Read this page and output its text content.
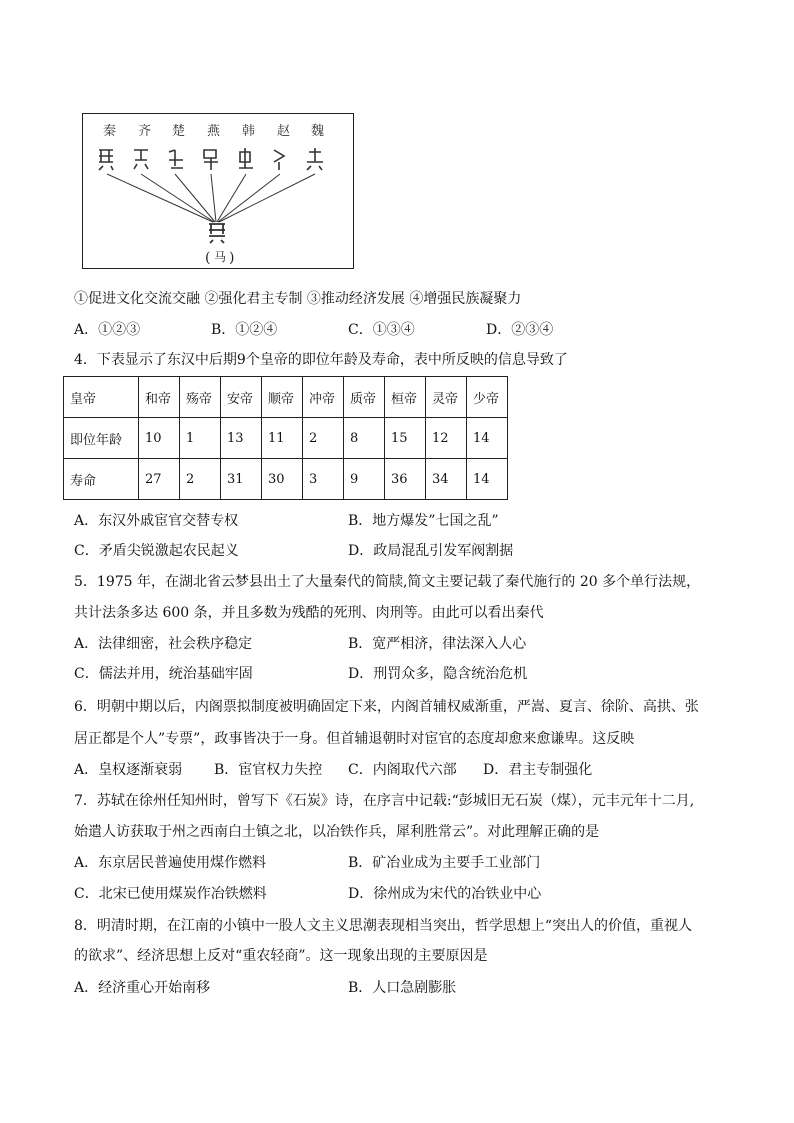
秦 齐 楚 燕 韩 赵 魏
( 马 )
①促进文化交流交融 ②强化君主专制 ③推动经济发展 ④增强民族凝聚力
A．①②③	B．①②④	C．①③④	D．②③④
4．下表显示了东汉中后期9个皇帝的即位年龄及寿命，表中所反映的信息导致了
皇帝	和帝	殇帝	安帝	顺帝	冲帝	质帝	桓帝	灵帝	少帝
即位年龄	10	1	13	11	2	8	15	12	14
寿命	27	2	31	30	3	9	36	34	14
A．东汉外戚宦官交替专权	B．地方爆发”七国之乱”
C．矛盾尖锐激起农民起义	D．政局混乱引发军阀割据
5．1975 年，在湖北省云梦县出土了大量秦代的简牍,简文主要记载了秦代施行的 20 多个单行法规，
共计法条多达 600 条，并且多数为残酷的死刑、肉刑等。由此可以看出秦代
A．法律细密，社会秩序稳定	B．宽严相济，律法深入人心
C．儒法并用，统治基础牢固	D．刑罚众多，隐含统治危机
6．明朝中期以后，内阁票拟制度被明确固定下来，内阁首辅权威渐重，严嵩、夏言、徐阶、高拱、张
居正都是个人”专票”，政事皆决于一身。但首辅退朝时对宦官的态度却愈来愈谦卑。这反映
A．皇权逐渐衰弱 B．宦官权力失控 C．内阁取代六部 D．君主专制强化
7．苏轼在徐州任知州时，曾写下《石炭》诗，在序言中记载:“彭城旧无石炭（煤），元丰元年十二月,
始遣人访获取于州之西南白土镇之北，以冶铁作兵，犀利胜常云”。对此理解正确的是
A．东京居民普遍使用煤作燃料	B．矿冶业成为主要手工业部门
C．北宋已使用煤炭作冶铁燃料	D．徐州成为宋代的冶铁业中心
8．明清时期，在江南的小镇中一股人文主义思潮表现相当突出，哲学思想上“突出人的价值，重视人
的欲求”、经济思想上反对“重农轻商”。这一现象出现的主要原因是
A．经济重心开始南移	B．人口急剧膨胀
